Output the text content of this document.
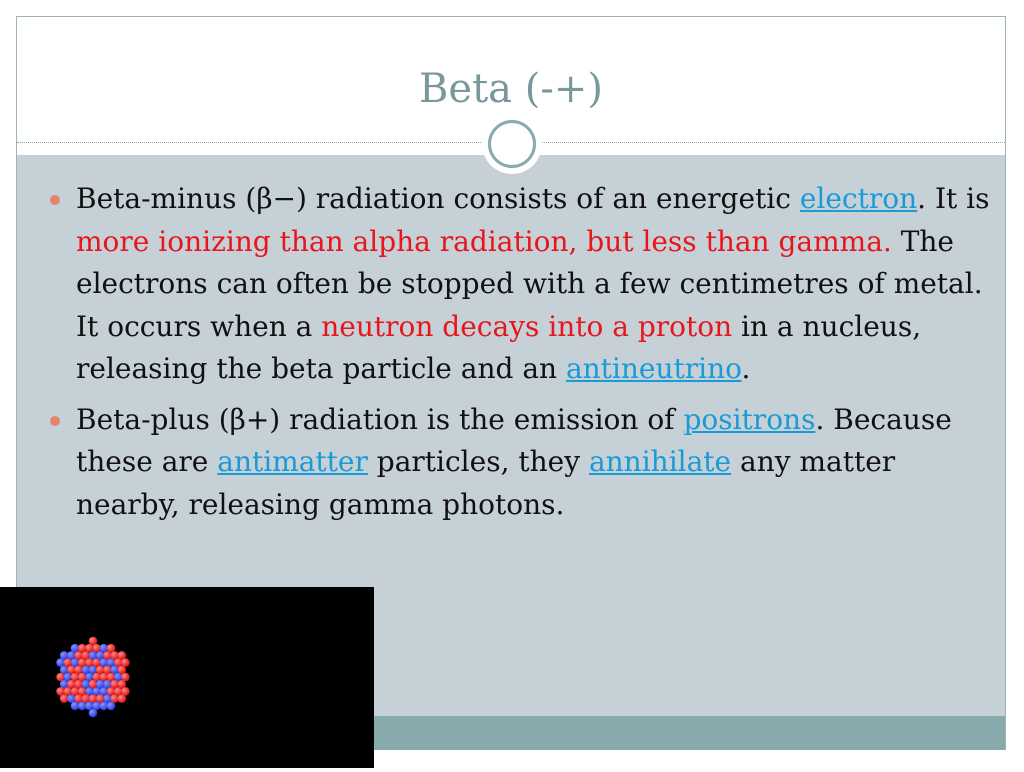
Beta (-+)
Beta-minus (β−) radiation consists of an energetic electron. It is more ionizing than alpha radiation, but less than gamma. The electrons can often be stopped with a few centimetres of metal. It occurs when a neutron decays into a proton in a nucleus, releasing the beta particle and an antineutrino.
Beta-plus (β+) radiation is the emission of positrons. Because these are antimatter particles, they annihilate any matter nearby, releasing gamma photons.
